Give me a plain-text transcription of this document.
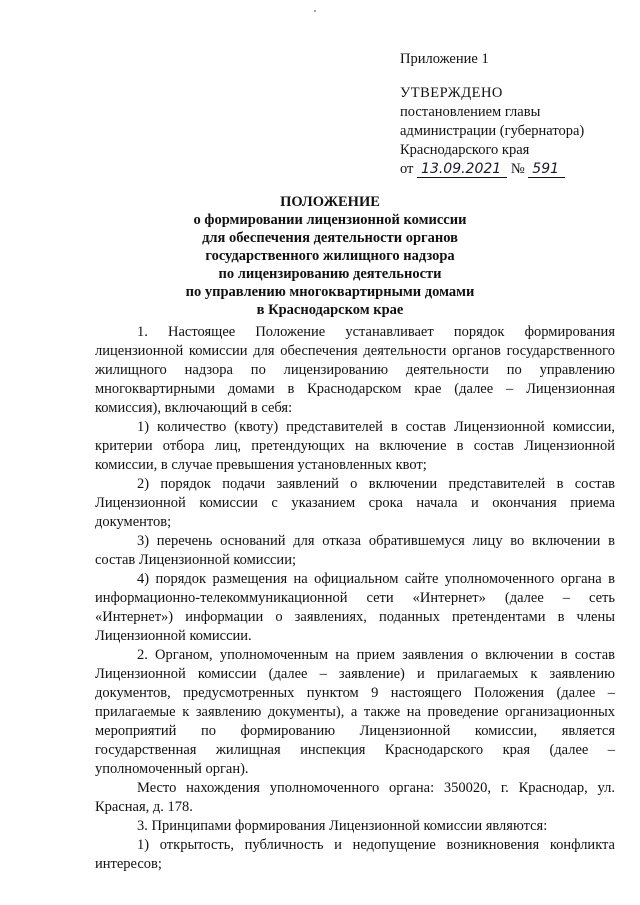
Приложение 1
УТВЕРЖДЕНО
постановлением главы
администрации (губернатора)
Краснодарского края
от 13.09.2021 № 591
ПОЛОЖЕНИЕ
о формировании лицензионной комиссии
для обеспечения деятельности органов
государственного жилищного надзора
по лицензированию деятельности
по управлению многоквартирными домами
в Краснодарском крае

1. Настоящее Положение устанавливает порядок формирования лицензионной комиссии для обеспечения деятельности органов государственного жилищного надзора по лицензированию деятельности по управлению многоквартирными домами в Краснодарском крае (далее – Лицензионная комиссия), включающий в себя:

1) количество (квоту) представителей в состав Лицензионной комиссии, критерии отбора лиц, претендующих на включение в состав Лицензионной комиссии, в случае превышения установленных квот;

2) порядок подачи заявлений о включении представителей в состав Лицензионной комиссии с указанием срока начала и окончания приема документов;

3) перечень оснований для отказа обратившемуся лицу во включении в состав Лицензионной комиссии;

4) порядок размещения на официальном сайте уполномоченного органа в информационно-телекоммуникационной сети «Интернет» (далее – сеть «Интернет») информации о заявлениях, поданных претендентами в члены Лицензионной комиссии.

2. Органом, уполномоченным на прием заявления о включении в состав Лицензионной комиссии (далее – заявление) и прилагаемых к заявлению документов, предусмотренных пунктом 9 настоящего Положения (далее – прилагаемые к заявлению документы), а также на проведение организационных мероприятий по формированию Лицензионной комиссии, является государственная жилищная инспекция Краснодарского края (далее – уполномоченный орган).

Место нахождения уполномоченного органа: 350020, г. Краснодар, ул. Красная, д. 178.

3. Принципами формирования Лицензионной комиссии являются:

1) открытость, публичность и недопущение возникновения конфликта интересов;
